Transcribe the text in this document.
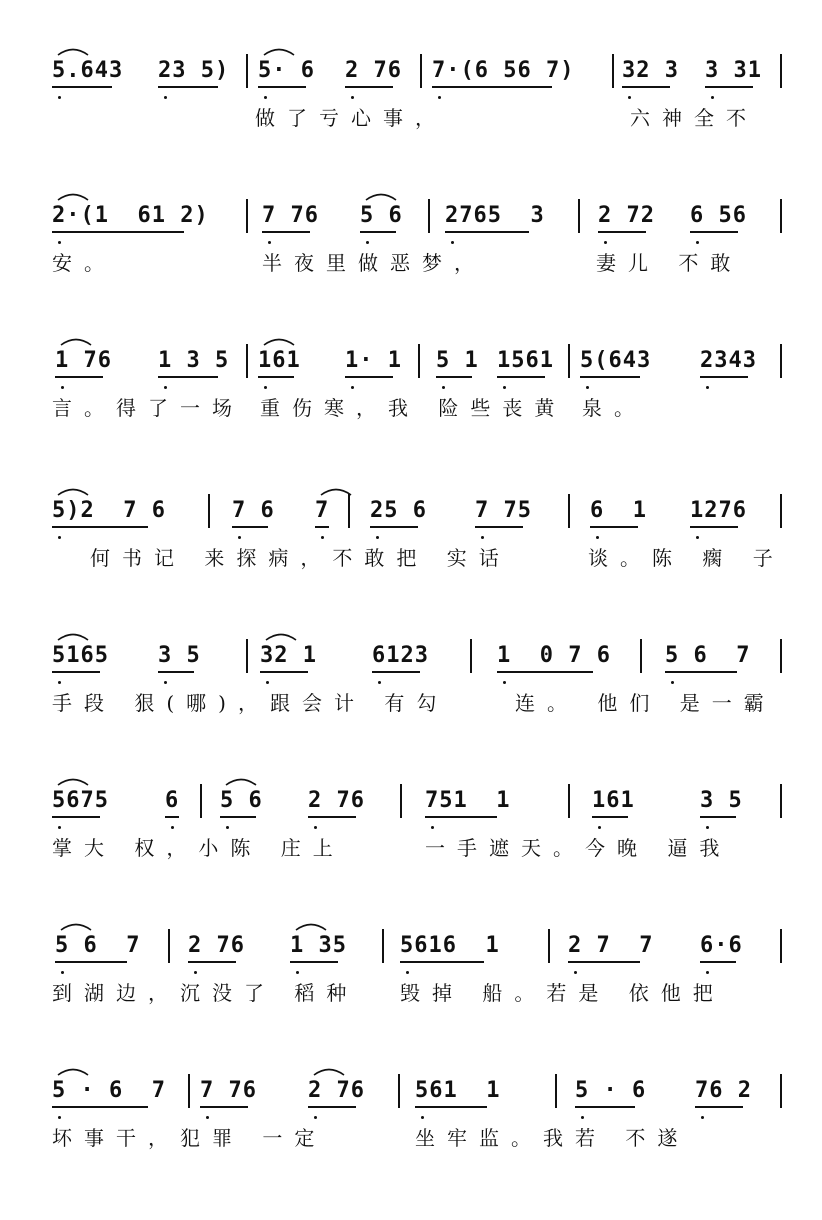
5.643 23 5) 5· 6 2 76 7·(6 56 7) 32 3 3 31
做了亏心事，	六神全不
2·(1  61 2) 7 76 5 6 2765  3 2 72 6 56
安。	半夜里做恶梦，	妻儿 不敢
1 76 1 3 5 161 1· 1 5 1 1561 5(643 2343
言。得了一场 重伤寒，我 险些丧黄 泉。
5)2  7 6	7 6 7 25 6 7 75	6  1 1276
何书记 来探病，不敢把 实话	谈。陈 瘸 子
5165 3 5	32 1	6123	1  0 7 6 5 6  7
手段 狠(哪)，跟会计 有勾	连。 他们 是一霸
5675	6 5 6 2 76	751  1	161	3 5
掌大 权，小陈 庄上	一手遮天。今晚 逼我
5 6  7 2 76 1 35 5616  1	2 7  7 6·6
到湖边，沉没了 稻种 毁掉 船。若是 依他把
5 · 6  7 7 76 2 76 561  1	5 · 6 76 2
坏事干，犯罪 一定	坐牢监。我若 不遂
